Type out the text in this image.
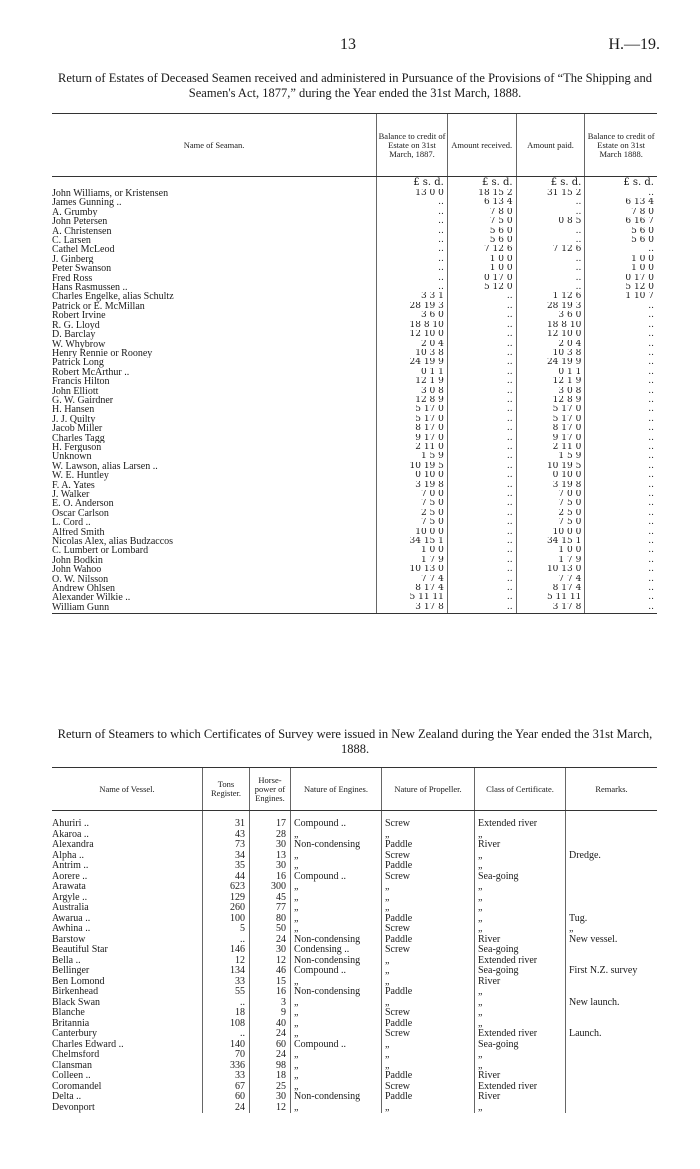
13	H.—19.
Return of Estates of Deceased Seamen received and administered in Pursuance of the Provisions of “The Shipping and Seamen's Act, 1877,” during the Year ended the 31st March, 1888.
Name of Seaman.	Balance to credit of Estate on 31st March, 1887.	Amount received.	Amount paid.	Balance to credit of Estate on 31st March 1888.
	£ s. d.	£ s. d.	£ s. d.	£ s. d.
John Williams, or Kristensen	13 0 0	18 15 2	31 15 2	..
James Gunning ..	..	6 13 4	..	6 13 4
A. Grumby	..	7 8 0	..	7 8 0
John Petersen	..	7 5 0	0 8 5	6 16 7
A. Christensen	..	5 6 0	..	5 6 0
C. Larsen	..	5 6 0	..	5 6 0
Cathel McLeod	..	7 12 6	7 12 6	..
J. Ginberg	..	1 0 0	..	1 0 0
Peter Swanson	..	1 0 0	..	1 0 0
Fred Ross	..	0 17 0	..	0 17 0
Hans Rasmussen ..	..	5 12 0	..	5 12 0
Charles Engelke, alias Schultz	3 3 1	..	1 12 6	1 10 7
Patrick or E. McMillan	28 19 3	..	28 19 3	..
Robert Irvine	3 6 0	..	3 6 0	..
R. G. Lloyd	18 8 10	..	18 8 10	..
D. Barclay	12 10 0	..	12 10 0	..
W. Whybrow	2 0 4	..	2 0 4	..
Henry Rennie or Rooney	10 3 8	..	10 3 8	..
Patrick Long	24 19 9	..	24 19 9	..
Robert McArthur ..	0 1 1	..	0 1 1	..
Francis Hilton	12 1 9	..	12 1 9	..
John Elliott	3 0 8	..	3 0 8	..
G. W. Gairdner	12 8 9	..	12 8 9	..
H. Hansen	5 17 0	..	5 17 0	..
J. J. Quilty	5 17 0	..	5 17 0	..
Jacob Miller	8 17 0	..	8 17 0	..
Charles Tagg	9 17 0	..	9 17 0	..
H. Ferguson	2 11 0	..	2 11 0	..
Unknown	1 5 9	..	1 5 9	..
W. Lawson, alias Larsen ..	10 19 5	..	10 19 5	..
W. E. Huntley	0 10 0	..	0 10 0	..
F. A. Yates	3 19 8	..	3 19 8	..
J. Walker	7 0 0	..	7 0 0	..
E. O. Anderson	7 5 0	..	7 5 0	..
Oscar Carlson	2 5 0	..	2 5 0	..
L. Cord ..	7 5 0	..	7 5 0	..
Alfred Smith	10 0 0	..	10 0 0	..
Nicolas Alex, alias Budzaccos	34 15 1	..	34 15 1	..
C. Lumbert or Lombard	1 0 0	..	1 0 0	..
John Bodkin	1 7 9	..	1 7 9	..
John Wahoo	10 13 0	..	10 13 0	..
O. W. Nilsson	7 7 4	..	7 7 4	..
Andrew Ohlsen	8 17 4	..	8 17 4	..
Alexander Wilkie ..	5 11 11	..	5 11 11	..
William Gunn	3 17 8	..	3 17 8	..
Return of Steamers to which Certificates of Survey were issued in New Zealand during the Year ended the 31st March, 1888.
Name of Vessel.	Tons Register.	Horse-power of Engines.	Nature of Engines.	Nature of Propeller.	Class of Certificate.	Remarks.

Ahuriri ..	31	17	Compound ..	Screw	Extended river	
Akaroa ..	43	28	„	„	„	
Alexandra	73	30	Non-condensing	Paddle	River	
Alpha ..	34	13	„	Screw	„	Dredge.
Antrim ..	35	30	„	Paddle	„	
Aorere ..	44	16	Compound ..	Screw	Sea-going	
Arawata	623	300	„	„	„	
Argyle ..	129	45	„	„	„	
Australia	260	77	„	„	„	
Awarua ..	100	80	„	Paddle	„	Tug.
Awhina ..	5	50	„	Screw	„	„
Barstow	..	24	Non-condensing	Paddle	River	New vessel.
Beautiful Star	146	30	Condensing ..	Screw	Sea-going	
Bella ..	12	12	Non-condensing	„	Extended river	
Bellinger	134	46	Compound ..	„	Sea-going	First N.Z. survey
Ben Lomond	33	15	„	„	River	
Birkenhead	55	16	Non-condensing	Paddle	„	
Black Swan	..	3	„	„	„	New launch.
Blanche	18	9	„	Screw	„	
Britannia	108	40	„	Paddle	„	
Canterbury	..	24	„	Screw	Extended river	Launch.
Charles Edward ..	140	60	Compound ..	„	Sea-going	
Chelmsford	70	24	„	„	„	
Clansman	336	98	„	„	„	
Colleen ..	33	18	„	Paddle	River	
Coromandel	67	25	„	Screw	Extended river	
Delta ..	60	30	Non-condensing	Paddle	River	
Devonport	24	12	„	„	„	
